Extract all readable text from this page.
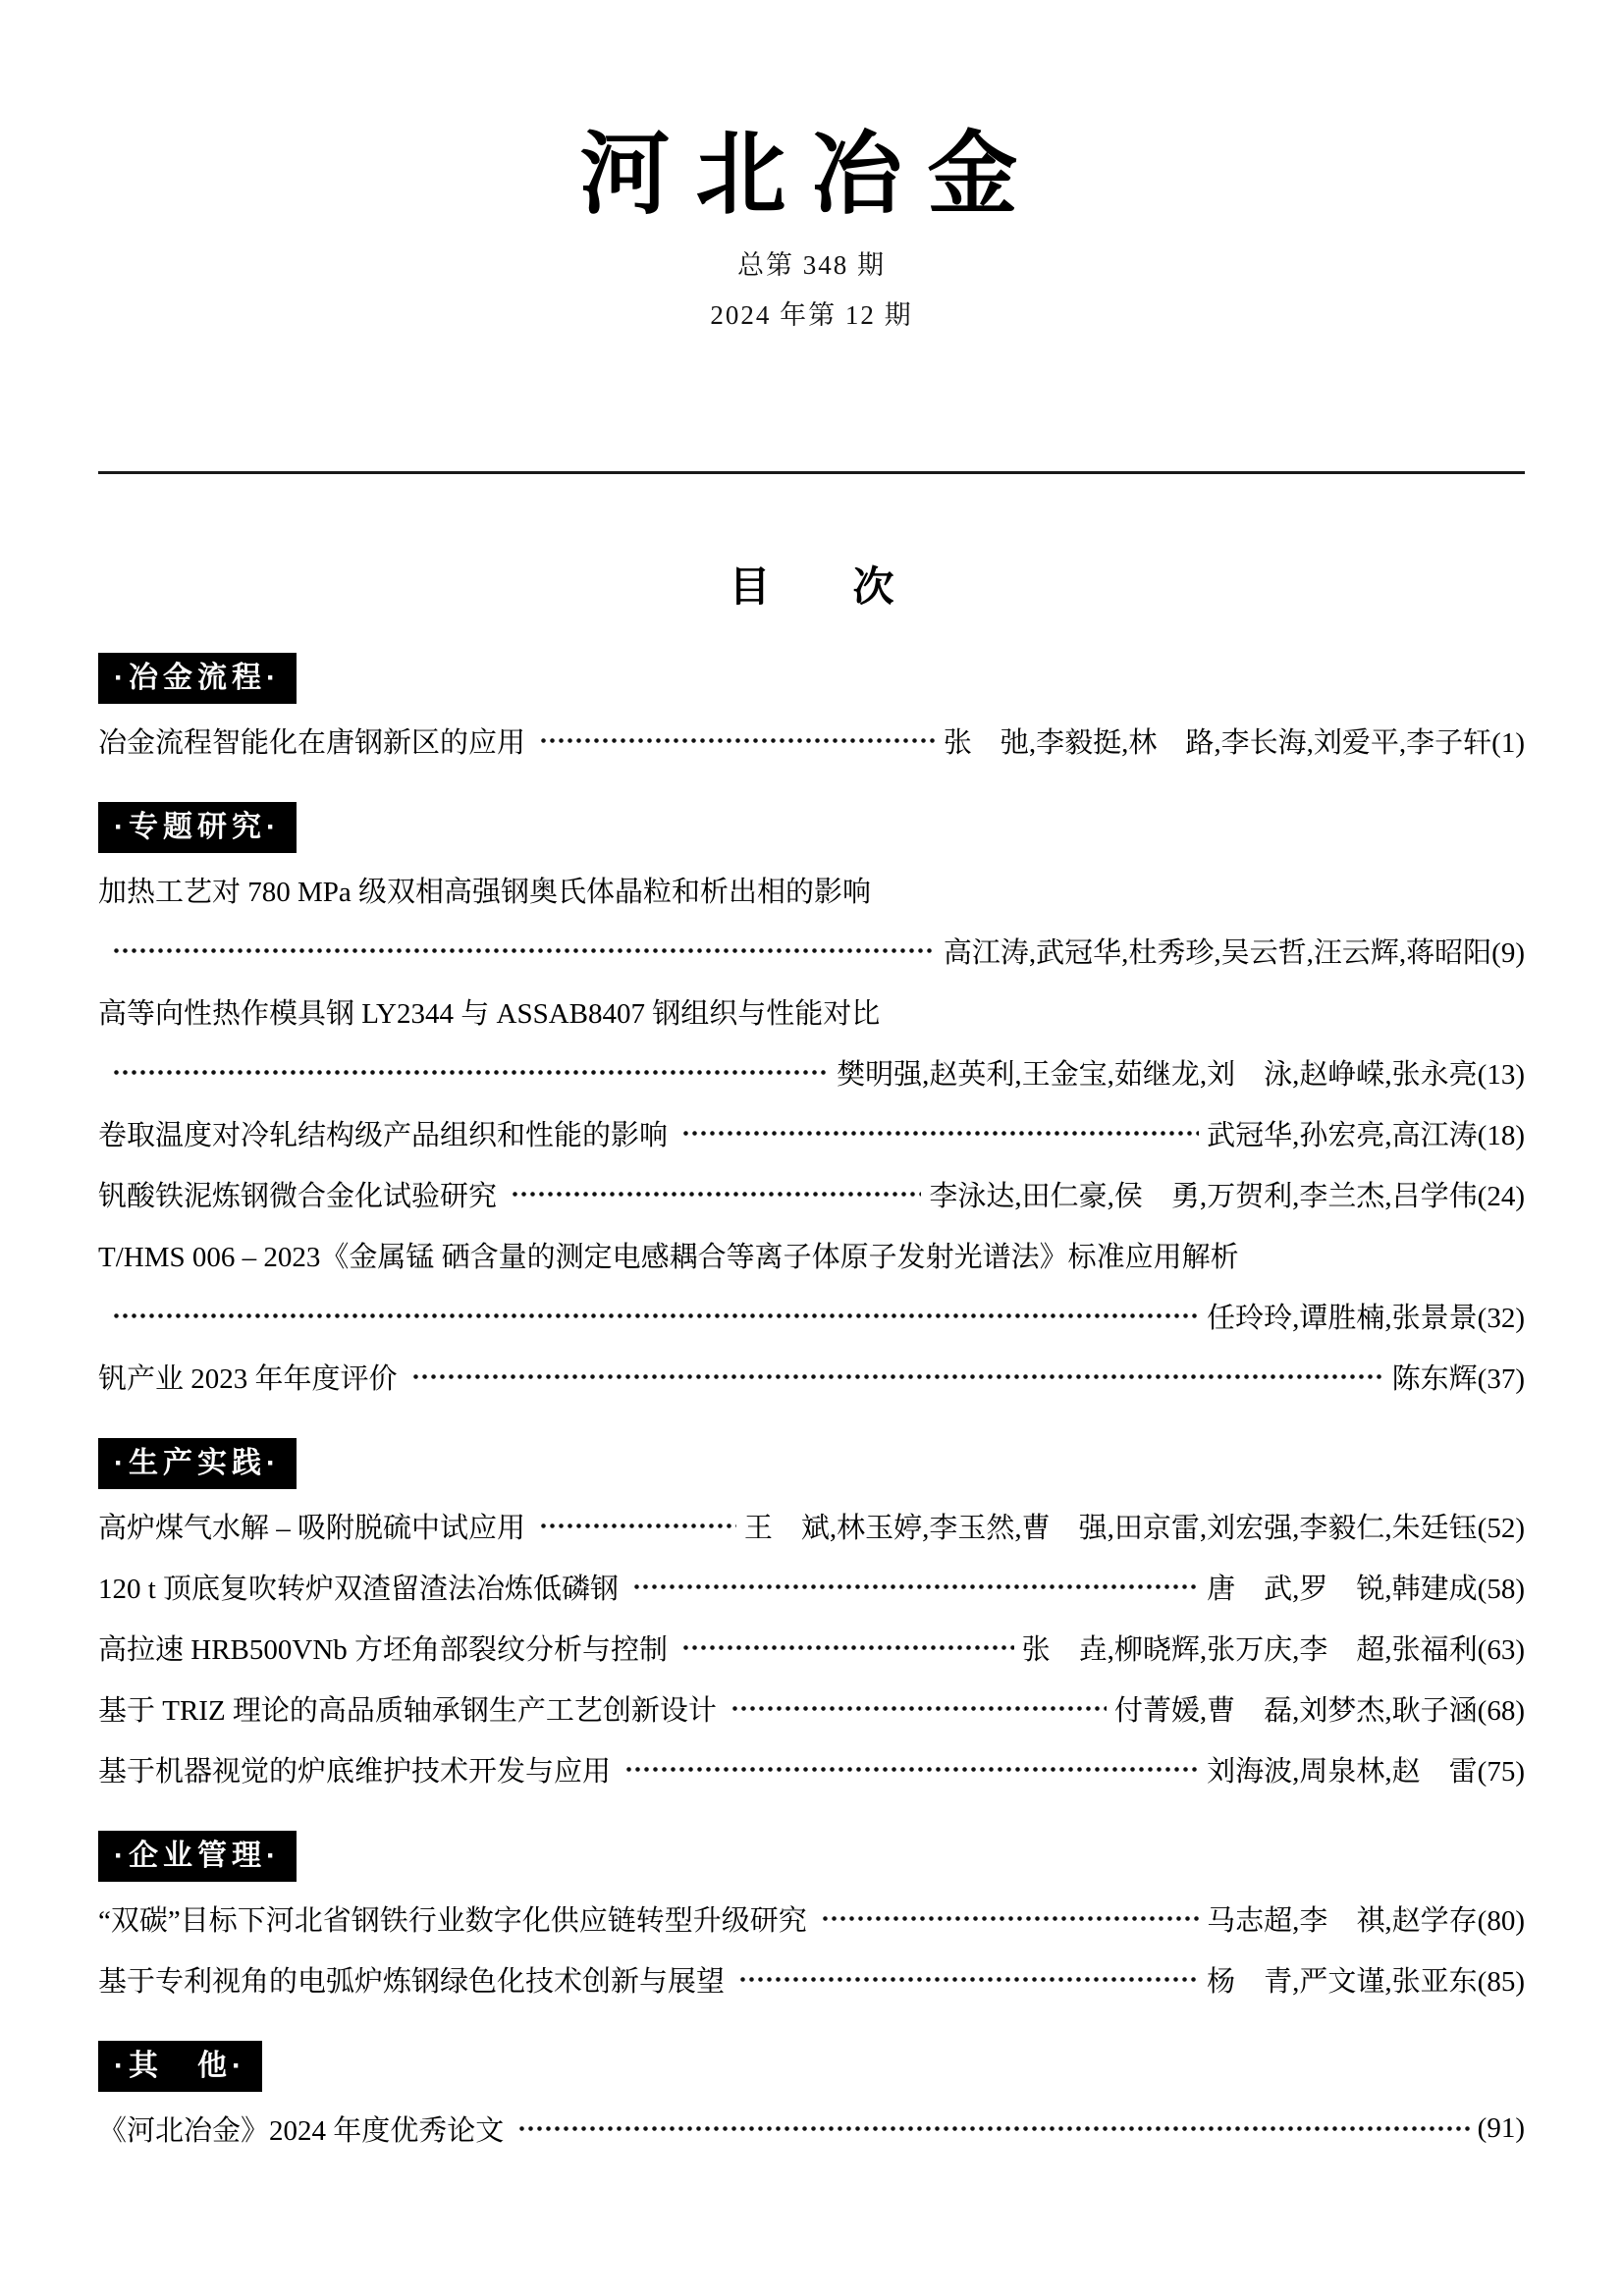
河北冶金
总第 348 期
2024 年第 12 期
目　　次
·冶金流程·
冶金流程智能化在唐钢新区的应用	张　弛,李毅挺,林　路,李长海,刘爱平,李子轩(1)
·专题研究·
加热工艺对 780 MPa 级双相高强钢奥氏体晶粒和析出相的影响
高江涛,武冠华,杜秀珍,吴云哲,汪云辉,蒋昭阳(9)
高等向性热作模具钢 LY2344 与 ASSAB8407 钢组织与性能对比
樊明强,赵英利,王金宝,茹继龙,刘　泳,赵峥嵘,张永亮(13)
卷取温度对冷轧结构级产品组织和性能的影响	武冠华,孙宏亮,高江涛(18)
钒酸铁泥炼钢微合金化试验研究	李泳达,田仁豪,侯　勇,万贺利,李兰杰,吕学伟(24)
T/HMS 006 – 2023《金属锰 硒含量的测定电感耦合等离子体原子发射光谱法》标准应用解析
任玲玲,谭胜楠,张景景(32)
钒产业 2023 年年度评价	陈东辉(37)
·生产实践·
高炉煤气水解 – 吸附脱硫中试应用	王　斌,林玉婷,李玉然,曹　强,田京雷,刘宏强,李毅仁,朱廷钰(52)
120 t 顶底复吹转炉双渣留渣法冶炼低磷钢	唐　武,罗　锐,韩建成(58)
高拉速 HRB500VNb 方坯角部裂纹分析与控制	张　垚,柳晓辉,张万庆,李　超,张福利(63)
基于 TRIZ 理论的高品质轴承钢生产工艺创新设计	付菁媛,曹　磊,刘梦杰,耿子涵(68)
基于机器视觉的炉底维护技术开发与应用	刘海波,周泉林,赵　雷(75)
·企业管理·
“双碳”目标下河北省钢铁行业数字化供应链转型升级研究	马志超,李　祺,赵学存(80)
基于专利视角的电弧炉炼钢绿色化技术创新与展望	杨　青,严文谨,张亚东(85)
·其　他·
《河北冶金》2024 年度优秀论文	(91)
